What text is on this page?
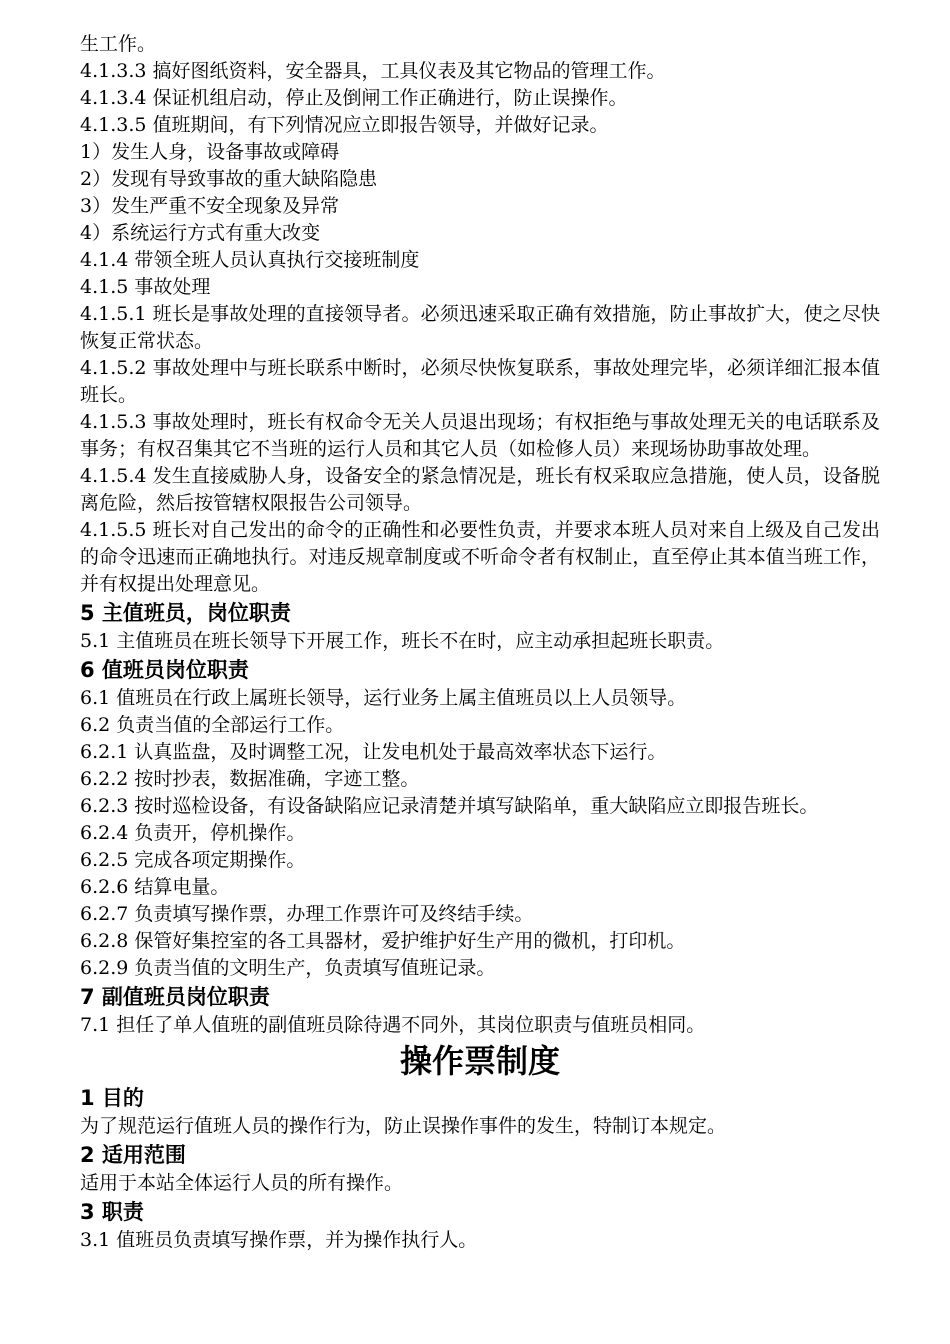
生工作。

4.1.3.3 搞好图纸资料，安全器具，工具仪表及其它物品的管理工作。

4.1.3.4 保证机组启动，停止及倒闸工作正确进行，防止误操作。

4.1.3.5 值班期间，有下列情况应立即报告领导，并做好记录。

1）发生人身，设备事故或障碍

2）发现有导致事故的重大缺陷隐患

3）发生严重不安全现象及异常

4）系统运行方式有重大改变

4.1.4 带领全班人员认真执行交接班制度

4.1.5 事故处理

4.1.5.1 班长是事故处理的直接领导者。必须迅速采取正确有效措施，防止事故扩大，使之尽快恢复正常状态。

4.1.5.2 事故处理中与班长联系中断时，必须尽快恢复联系，事故处理完毕，必须详细汇报本值班长。

4.1.5.3 事故处理时，班长有权命令无关人员退出现场；有权拒绝与事故处理无关的电话联系及事务；有权召集其它不当班的运行人员和其它人员（如检修人员）来现场协助事故处理。

4.1.5.4 发生直接威胁人身，设备安全的紧急情况是，班长有权采取应急措施，使人员，设备脱离危险，然后按管辖权限报告公司领导。

4.1.5.5 班长对自己发出的命令的正确性和必要性负责，并要求本班人员对来自上级及自己发出的命令迅速而正确地执行。对违反规章制度或不听命令者有权制止，直至停止其本值当班工作，并有权提出处理意见。

5 主值班员，岗位职责

5.1 主值班员在班长领导下开展工作，班长不在时，应主动承担起班长职责。

6 值班员岗位职责

6.1 值班员在行政上属班长领导，运行业务上属主值班员以上人员领导。

6.2 负责当值的全部运行工作。

6.2.1 认真监盘，及时调整工况，让发电机处于最高效率状态下运行。

6.2.2 按时抄表，数据准确，字迹工整。

6.2.3 按时巡检设备，有设备缺陷应记录清楚并填写缺陷单，重大缺陷应立即报告班长。

6.2.4 负责开，停机操作。

6.2.5 完成各项定期操作。

6.2.6 结算电量。

6.2.7 负责填写操作票，办理工作票许可及终结手续。

6.2.8 保管好集控室的各工具器材，爱护维护好生产用的微机，打印机。

6.2.9 负责当值的文明生产，负责填写值班记录。

7 副值班员岗位职责

7.1 担任了单人值班的副值班员除待遇不同外，其岗位职责与值班员相同。

操作票制度
1 目的

为了规范运行值班人员的操作行为，防止误操作事件的发生，特制订本规定。

2 适用范围

适用于本站全体运行人员的所有操作。

3 职责

3.1 值班员负责填写操作票，并为操作执行人。
